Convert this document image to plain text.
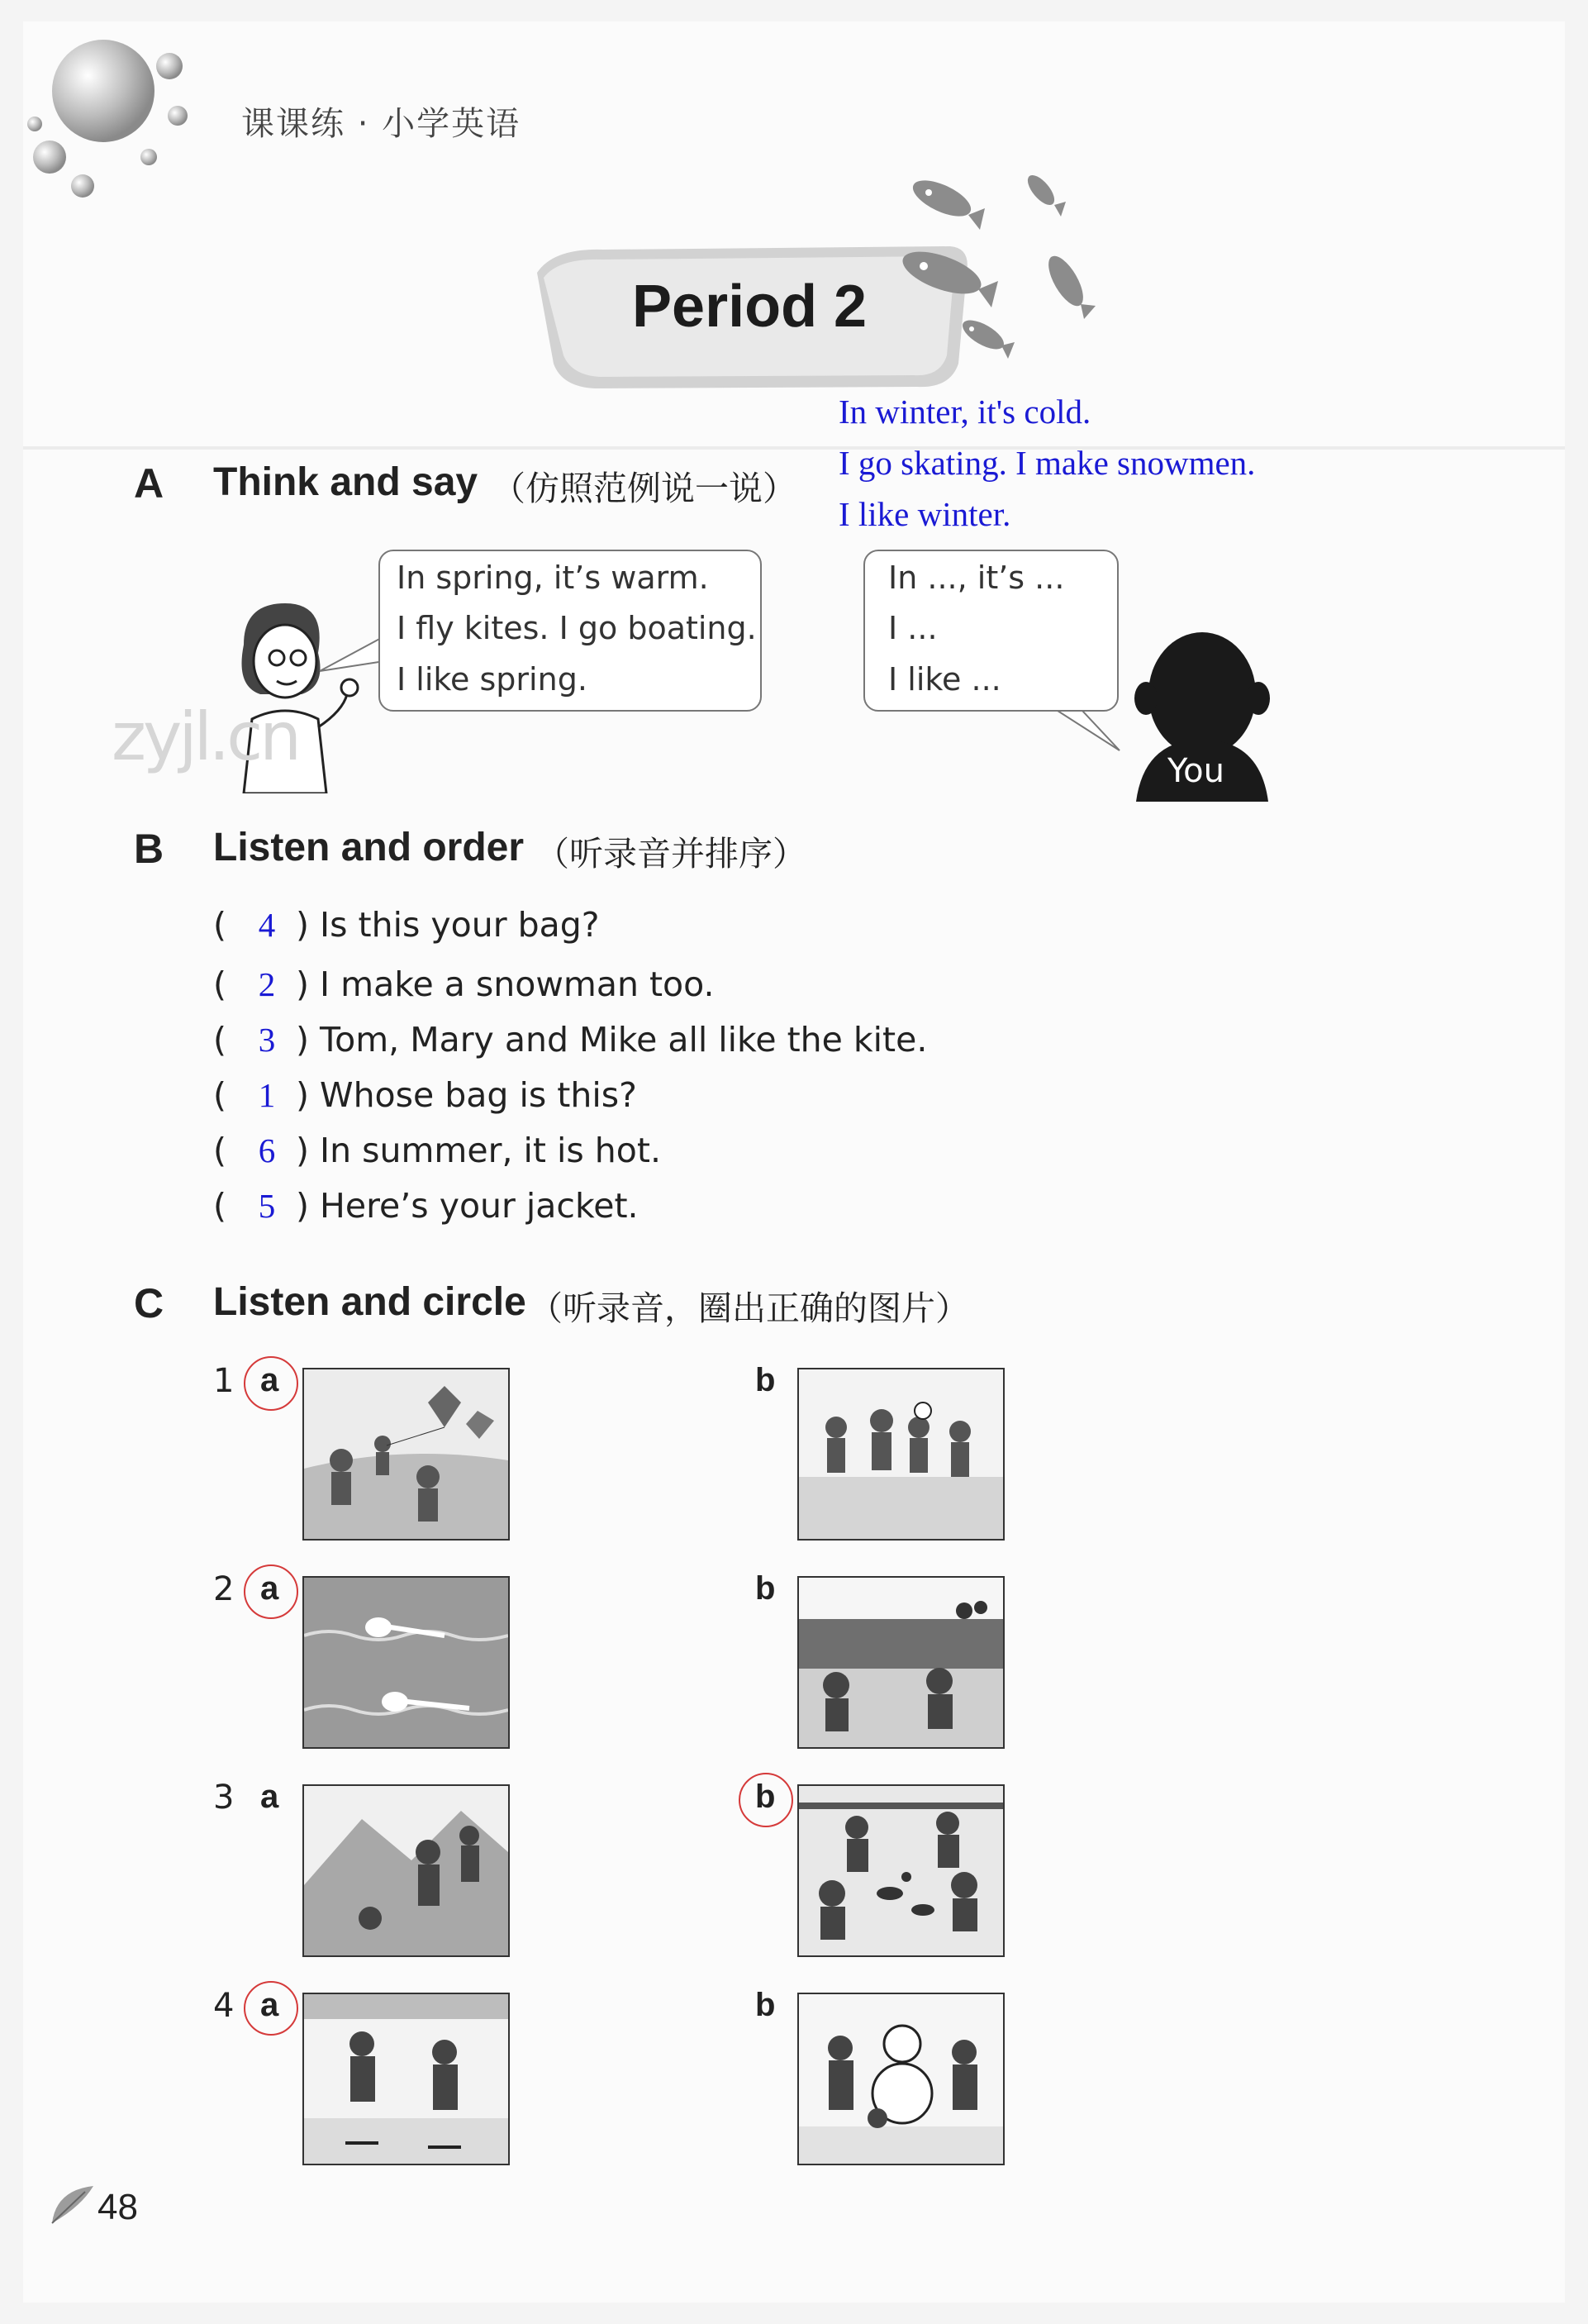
课课练 · 小学英语
Period 2
A Think and say （仿照范例说一说）
In winter, it's cold.
I go skating. I make snowmen.
I like winter.
zyjl.cn
In spring, it’s warm.
I fly kites. I go boating.
I like spring.
In ..., it’s ...
I ...
I like ...
You
B Listen and order （听录音并排序）
( 4 ) Is this your bag?
( 2 ) I make a snowman too.
( 3 ) Tom, Mary and Mike all like the kite.
( 1 ) Whose bag is this?
( 6 ) In summer, it is hot.
( 5 ) Here’s your jacket.
C Listen and circle （听录音，圈出正确的图片）
1 a	b
2 a	b
3 a	b
4 a	b
48
